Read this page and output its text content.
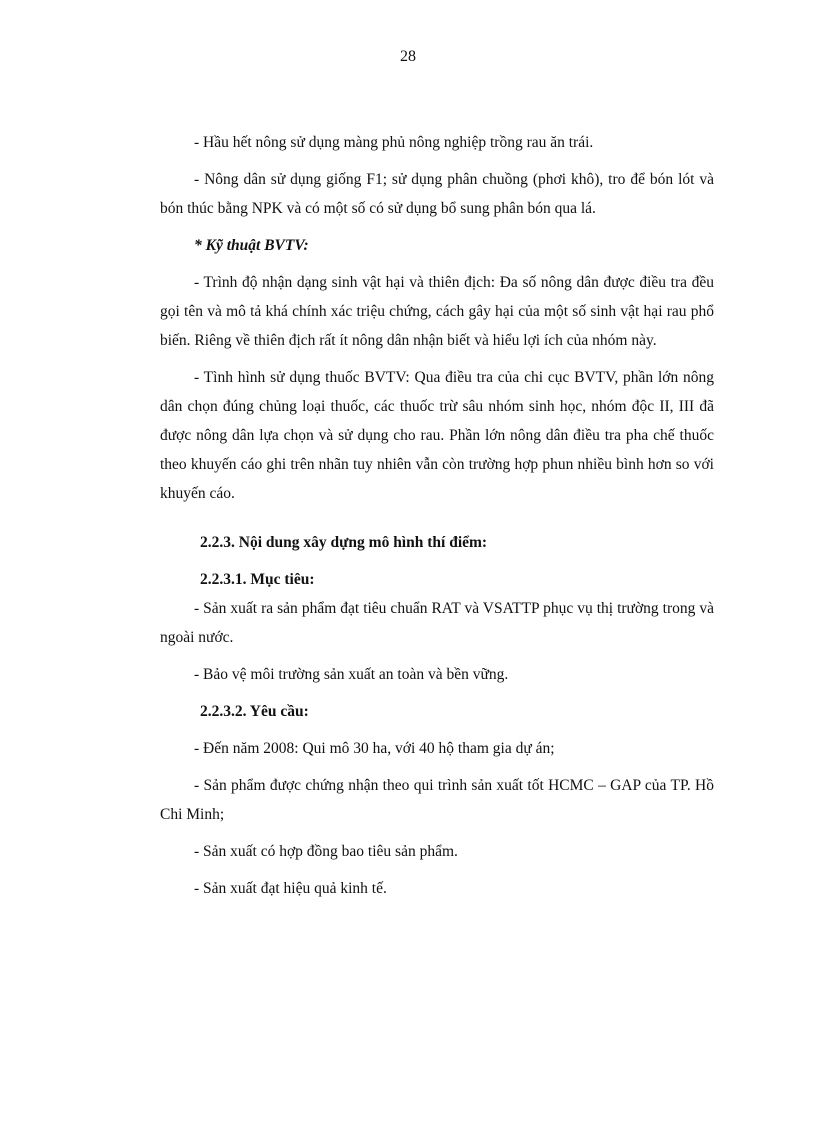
28

- Hầu hết nông sử dụng màng phủ nông nghiệp trồng rau ăn trái.

- Nông dân sử dụng giống F1; sử dụng phân chuồng (phơi khô), tro để bón lót và bón thúc bằng NPK và có một số có sử dụng bổ sung phân bón qua lá.

* Kỹ thuật BVTV:

- Trình độ nhận dạng sinh vật hại và thiên địch: Đa số nông dân được điều tra đều gọi tên và mô tả khá chính xác triệu chứng, cách gây hại của một số sinh vật hại rau phổ biến. Riêng về thiên địch rất ít nông dân nhận biết và hiểu lợi ích của nhóm này.

- Tình hình sử dụng thuốc BVTV: Qua điều tra của chi cục BVTV, phần lớn nông dân chọn đúng chủng loại thuốc, các thuốc trừ sâu nhóm sinh học, nhóm độc II, III đã được nông dân lựa chọn và sử dụng cho rau. Phần lớn nông dân điều tra pha chế thuốc theo khuyến cáo ghi trên nhãn tuy nhiên vẫn còn trường hợp phun nhiều bình hơn so với khuyến cáo.

2.2.3. Nội dung xây dựng mô hình thí điểm:

2.2.3.1. Mục tiêu:

- Sản xuất ra sản phẩm đạt tiêu chuẩn RAT và VSATTP phục vụ thị trường trong và ngoài nước.

- Bảo vệ môi trường sản xuất an toàn và bền vững.

2.2.3.2. Yêu cầu:

- Đến năm 2008: Qui mô 30 ha, với 40 hộ tham gia dự án;

- Sản phẩm được chứng nhận theo qui trình sản xuất tốt HCMC – GAP của TP. Hồ Chi Minh;

- Sản xuất có hợp đồng bao tiêu sản phẩm.

- Sản xuất đạt hiệu quả kinh tế.
